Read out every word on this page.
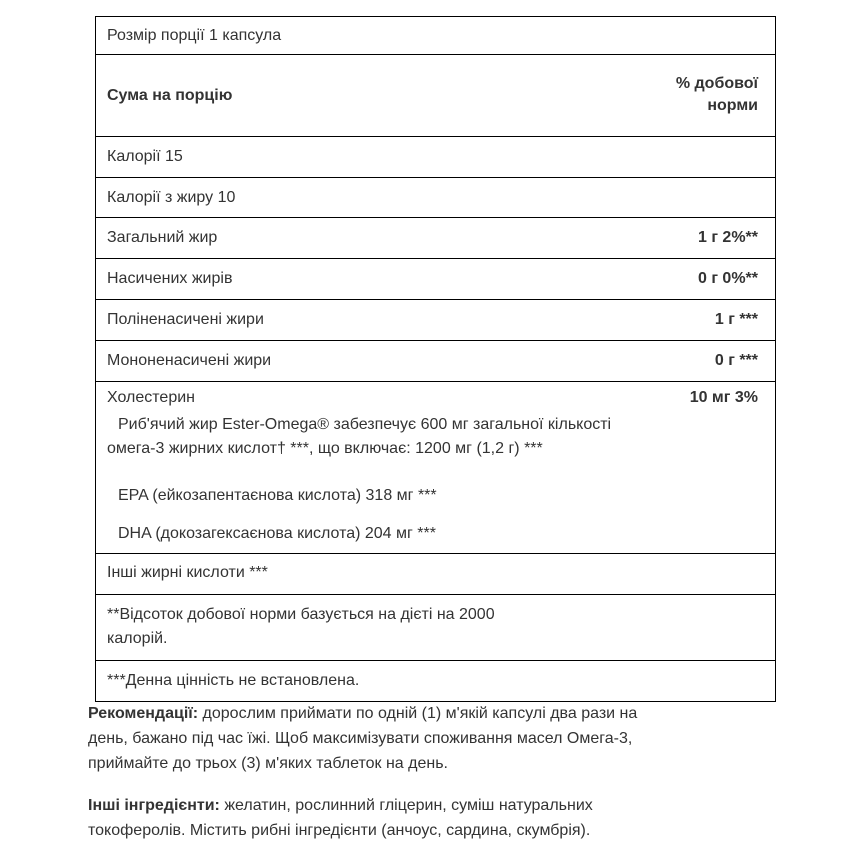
Розмір порції 1 капсула
Сума на порцію
% добової
норми
Калорії 15
Калорії з жиру 10
Загальний жир	1 г 2%**
Насичених жирів	0 г 0%**
Поліненасичені жири	1 г ***
Мононенасичені жири	0 г ***
Холестерин	10 мг 3%
Риб'ячий жир Ester-Omega® забезпечує 600 мг загальної кількості
омега-3 жирних кислот† ***, що включає: 1200 мг (1,2 г) ***
EPA (ейкозапентаєнова кислота) 318 мг ***
DHA (докозагексаєнова кислота) 204 мг ***
Інші жирні кислоти ***
**Відсоток добової норми базується на дієті на 2000
калорій.
***Денна цінність не встановлена.
Рекомендації: дорослим приймати по одній (1) м'якій капсулі два рази на
день, бажано під час їжі. Щоб максимізувати споживання масел Омега-3,
приймайте до трьох (3) м'яких таблеток на день.
Інші інгредієнти: желатин, рослинний гліцерин, суміш натуральних
токоферолів. Містить рибні інгредієнти (анчоус, сардина, скумбрія).
